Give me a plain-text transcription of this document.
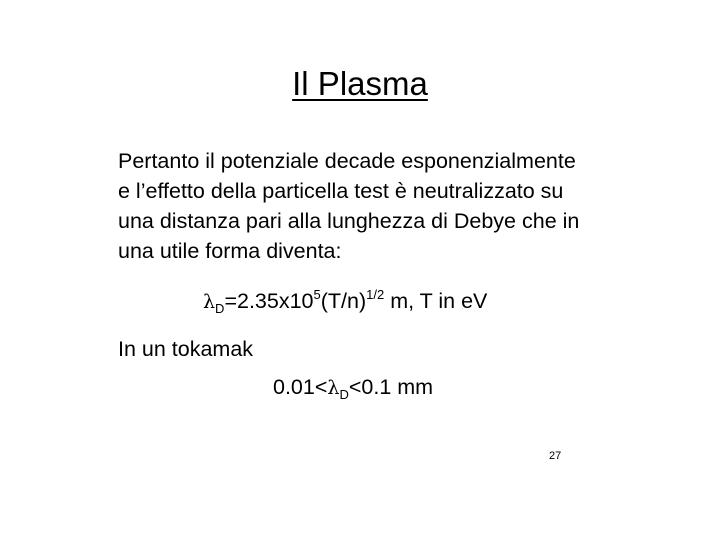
Il Plasma
Pertanto il potenziale decade esponenzialmente
e l’effetto della particella test è neutralizzato su
una distanza pari alla lunghezza di Debye che in
una utile forma diventa:
$\lambda_D=2.35x10^5(T/n)^{1/2}$ m, T in eV
In un tokamak
$0.01<\lambda_D<0.1$ mm
27
